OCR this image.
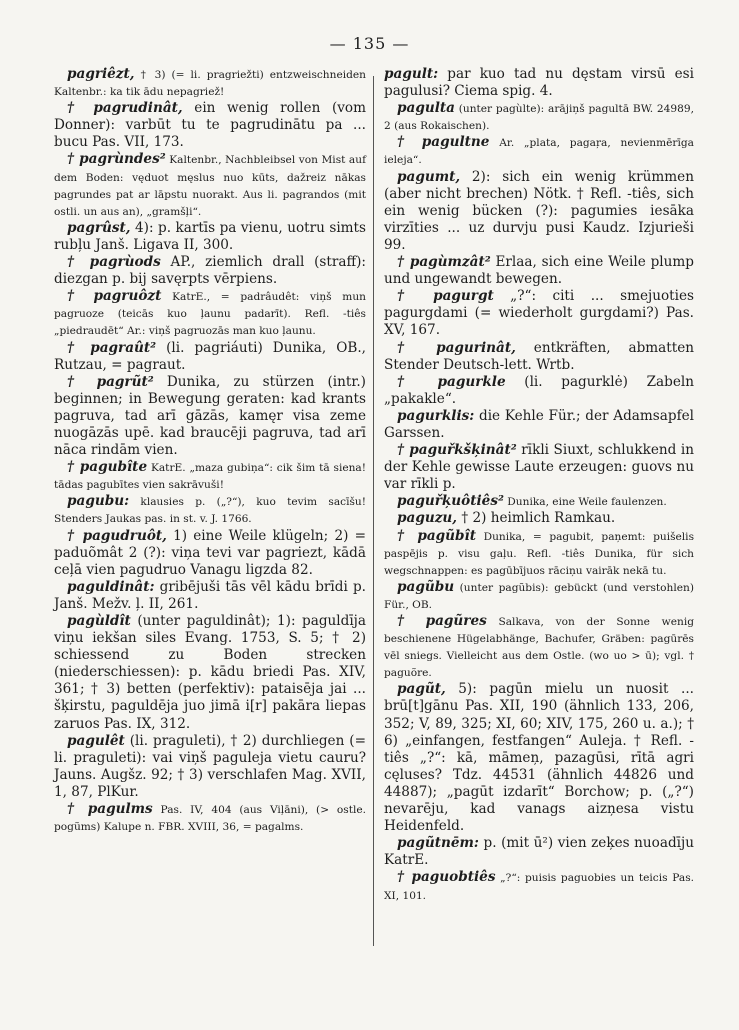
— 135 —

pagriêzt, † 3) (= li. pragriežti) entzweischneiden Kaltenbr.: ka tik ādu nepagriež!

† pagrudinât, ein wenig rollen (vom Donner): varbūt tu te pagrudinātu pa ... bucu Pas. VII, 173.

† pagrùndes² Kaltenbr., Nachbleibsel von Mist auf dem Boden: vęduot męslus nuo kūts, dažreiz nākas pagrundes pat ar lāpstu nuorakt. Aus li. pagrandos (mit ostli. un aus an), „gramšļi“.

pagrûst, 4): p. kartīs pa vienu, uotru simts rubļu Janš. Ligava II, 300.

† pagrùods AP., ziemlich drall (straff): diezgan p. bij savęrpts vērpiens.

† pagruôzt KatrE., = padrâudêt: viņš mun pagruoze (teicās kuo ļaunu padarīt). Refl. -tiês „piedraudēt“ Ar.: viņš pagruozās man kuo ļaunu.

† pagraût² (li. pagriáuti) Dunika, OB., Rutzau, = pagraut.

† pagrũt² Dunika, zu stürzen (intr.) beginnen; in Bewegung geraten: kad krants pagruva, tad arī gāzās, kamęr visa zeme nuogāzās upē. kad braucēji pagruva, tad arī nāca rindām vien.

† pagubîte KatrE. „maza gubiņa“: cik šim tā siena! tādas pagubītes vien sakrāvuši!

pagubu: klausies p. („?“), kuo tevim sacīšu! Stenders Jaukas pas. in st. v. J. 1766.

† pagudruôt, 1) eine Weile klügeln; 2) = paduõmât 2 (?): viņa tevi var pagriezt, kādā ceļā vien pagudruo Vanagu ligzda 82.

paguldinât: gribējuši tās vēl kādu brīdi p. Janš. Mežv. ļ. II, 261.

pagùldît (unter paguldinât); 1): paguldīja viņu iekšan siles Evang. 1753, S. 5; † 2) schiessend zu Boden strecken (niederschiessen): p. kādu briedi Pas. XIV, 361; † 3) betten (perfektiv): pataisēja jai ... šķirstu, paguldēja juo jimā i[r] pakāra liepas zaruos Pas. IX, 312.

pagulêt (li. praguleti), † 2) durchliegen (= li. praguleti): vai viņš paguleja vietu cauru? Jauns. Augšz. 92; † 3) verschlafen Mag. XVII, 1, 87, PlKur.

† pagulms Pas. IV, 404 (aus Viļāni), (> ostle. pogũms) Kalupe n. FBR. XVIII, 36, = pagalms.

pagult: par kuo tad nu dęstam virsū esi pagulusi? Ciema spig. 4.

pagulta (unter pagùlte): arājiņš pagultā BW. 24989, 2 (aus Rokaischen).

† pagultne Ar. „plata, pagaŗa, nevienmērīga ieleja“.

pagumt, 2): sich ein wenig krümmen (aber nicht brechen) Nötk. † Refl. -tiês, sich ein wenig bücken (?): pagumies iesāka virzīties ... uz durvju pusi Kaudz. Izjurieši 99.

† pagùmzât² Erlaa, sich eine Weile plump und ungewandt bewegen.

† pagurgt „?“: citi ... smejuoties pagurgdami (= wiederholt gurgdami?) Pas. XV, 167.

† pagurinât, entkräften, abmatten Stender Deutsch-lett. Wrtb.

† pagurkle (li. pagurklė) Zabeln „pakakle“.

pagurklis: die Kehle Für.; der Adamsapfel Garssen.

† paguřkšķinât² rīkli Siuxt, schlukkend in der Kehle gewisse Laute erzeugen: guovs nu var rīkli p.

paguřķuôtiês² Dunika, eine Weile faulenzen.

paguzu, † 2) heimlich Ramkau.

† pagũbît Dunika, = pagubit, paņemt: puišelis paspējis p. visu gaļu. Refl. -tiês Dunika, für sich wegschnappen: es pagūbījuos rāciņu vairāk nekā tu.

pagũbu (unter pagũbis): gebückt (und verstohlen) Für., OB.

† pagũres Salkava, von der Sonne wenig beschienene Hügelabhänge, Bachufer, Gräben: pagūrēs vēl sniegs. Vielleicht aus dem Ostle. (wo uo > ū); vgl. † paguõre.

pagũt, 5): pagūn mielu un nuosit ... brū[t]gānu Pas. XII, 190 (ähnlich 133, 206, 352; V, 89, 325; XI, 60; XIV, 175, 260 u. a.); † 6) „einfangen, festfangen“ Auleja. † Refl. -tiês „?“: kā, māmeņ, pazagūsi, rītā agri cęluses? Tdz. 44531 (ähnlich 44826 und 44887); „pagūt izdarīt“ Borchow; p. („?“) nevarēju, kad vanags aizņesa vistu Heidenfeld.

pagũtnēm: p. (mit ū²) vien zeķes nuoadīju KatrE.

† paguobtiês „?“: puisis paguobies un teicis Pas. XI, 101.
